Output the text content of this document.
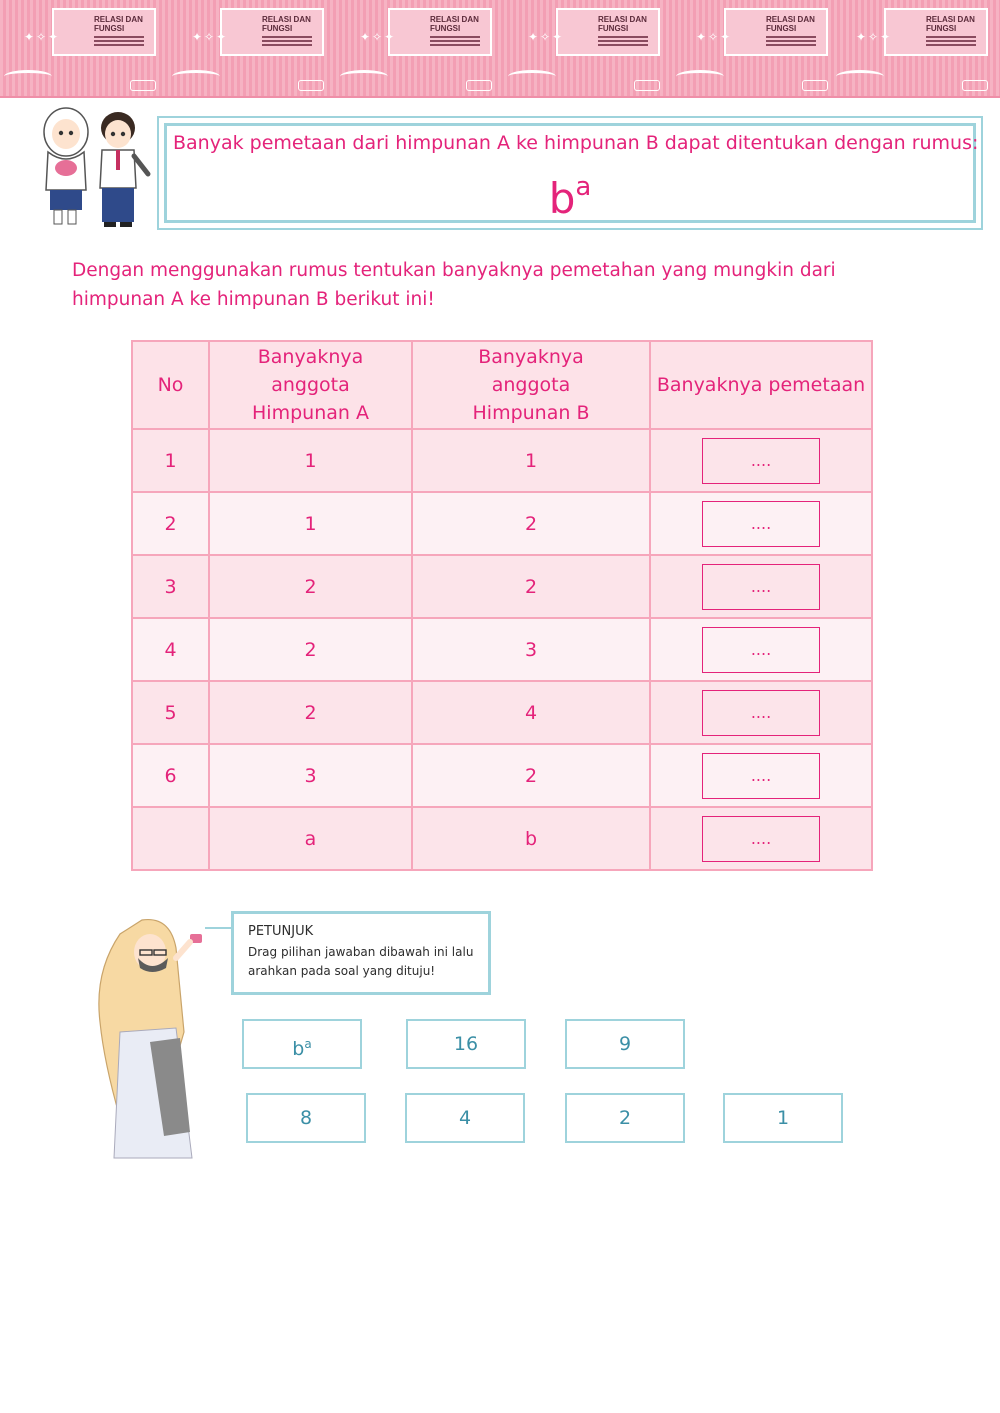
RELASI DAN FUNGSI
✦✧✦
RELASI DAN FUNGSI
✦✧✦
RELASI DAN FUNGSI
✦✧✦
RELASI DAN FUNGSI
✦✧✦
RELASI DAN FUNGSI
✦✧✦
RELASI DAN FUNGSI
✦✧✦
Banyak pemetaan dari himpunan A ke himpunan B dapat ditentukan dengan rumus:
$b^a$
Dengan menggunakan rumus tentukan banyaknya pemetahan yang mungkin dari himpunan A ke himpunan B berikut ini!
No	Banyaknya anggota Himpunan A	Banyaknya anggota Himpunan B	Banyaknya pemetaan
1	1	1	....

2	1	2	....

3	2	2	....

4	2	3	....

5	2	4	....

6	3	2	....

	a	b	....
PETUNJUK
Drag pilihan jawaban dibawah ini lalu arahkan pada soal yang dituju!
$b^a$	16	9
8	4	2	1
